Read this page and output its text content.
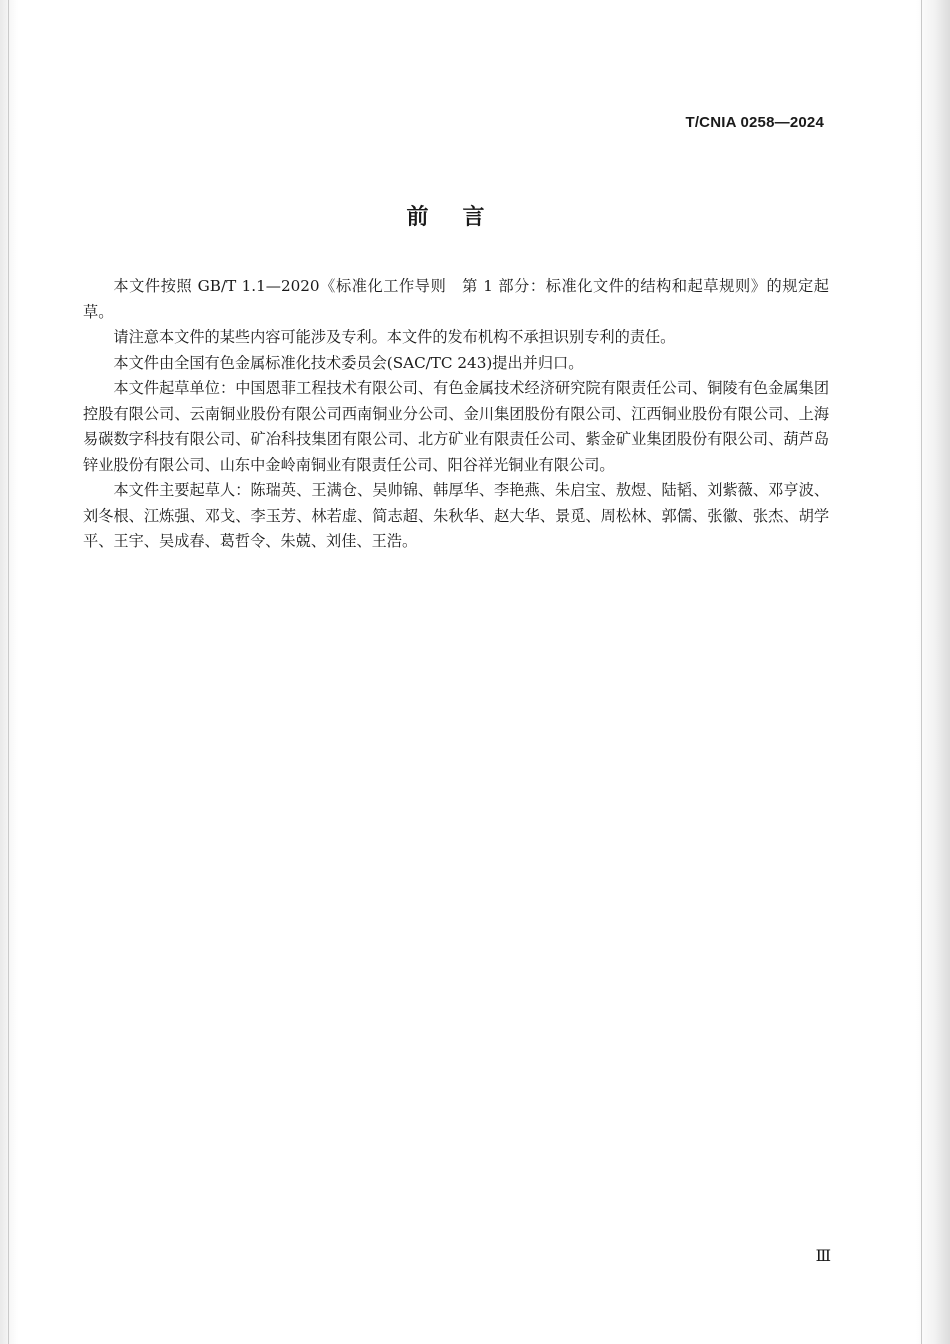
T/CNIA 0258—2024
前言

本文件按照 GB/T 1.1—2020《标准化工作导则　第 1 部分：标准化文件的结构和起草规则》的规定起草。

请注意本文件的某些内容可能涉及专利。本文件的发布机构不承担识别专利的责任。

本文件由全国有色金属标准化技术委员会(SAC/TC 243)提出并归口。

本文件起草单位：中国恩菲工程技术有限公司、有色金属技术经济研究院有限责任公司、铜陵有色金属集团控股有限公司、云南铜业股份有限公司西南铜业分公司、金川集团股份有限公司、江西铜业股份有限公司、上海易碳数字科技有限公司、矿冶科技集团有限公司、北方矿业有限责任公司、紫金矿业集团股份有限公司、葫芦岛锌业股份有限公司、山东中金岭南铜业有限责任公司、阳谷祥光铜业有限公司。

本文件主要起草人：陈瑞英、王满仓、吴帅锦、韩厚华、李艳燕、朱启宝、敖煜、陆韬、刘紫薇、邓亨波、刘冬根、江炼强、邓戈、李玉芳、林若虚、简志超、朱秋华、赵大华、景觅、周松林、郭儒、张徽、张杰、胡学平、王宇、吴成春、葛哲令、朱兢、刘佳、王浩。

Ⅲ
